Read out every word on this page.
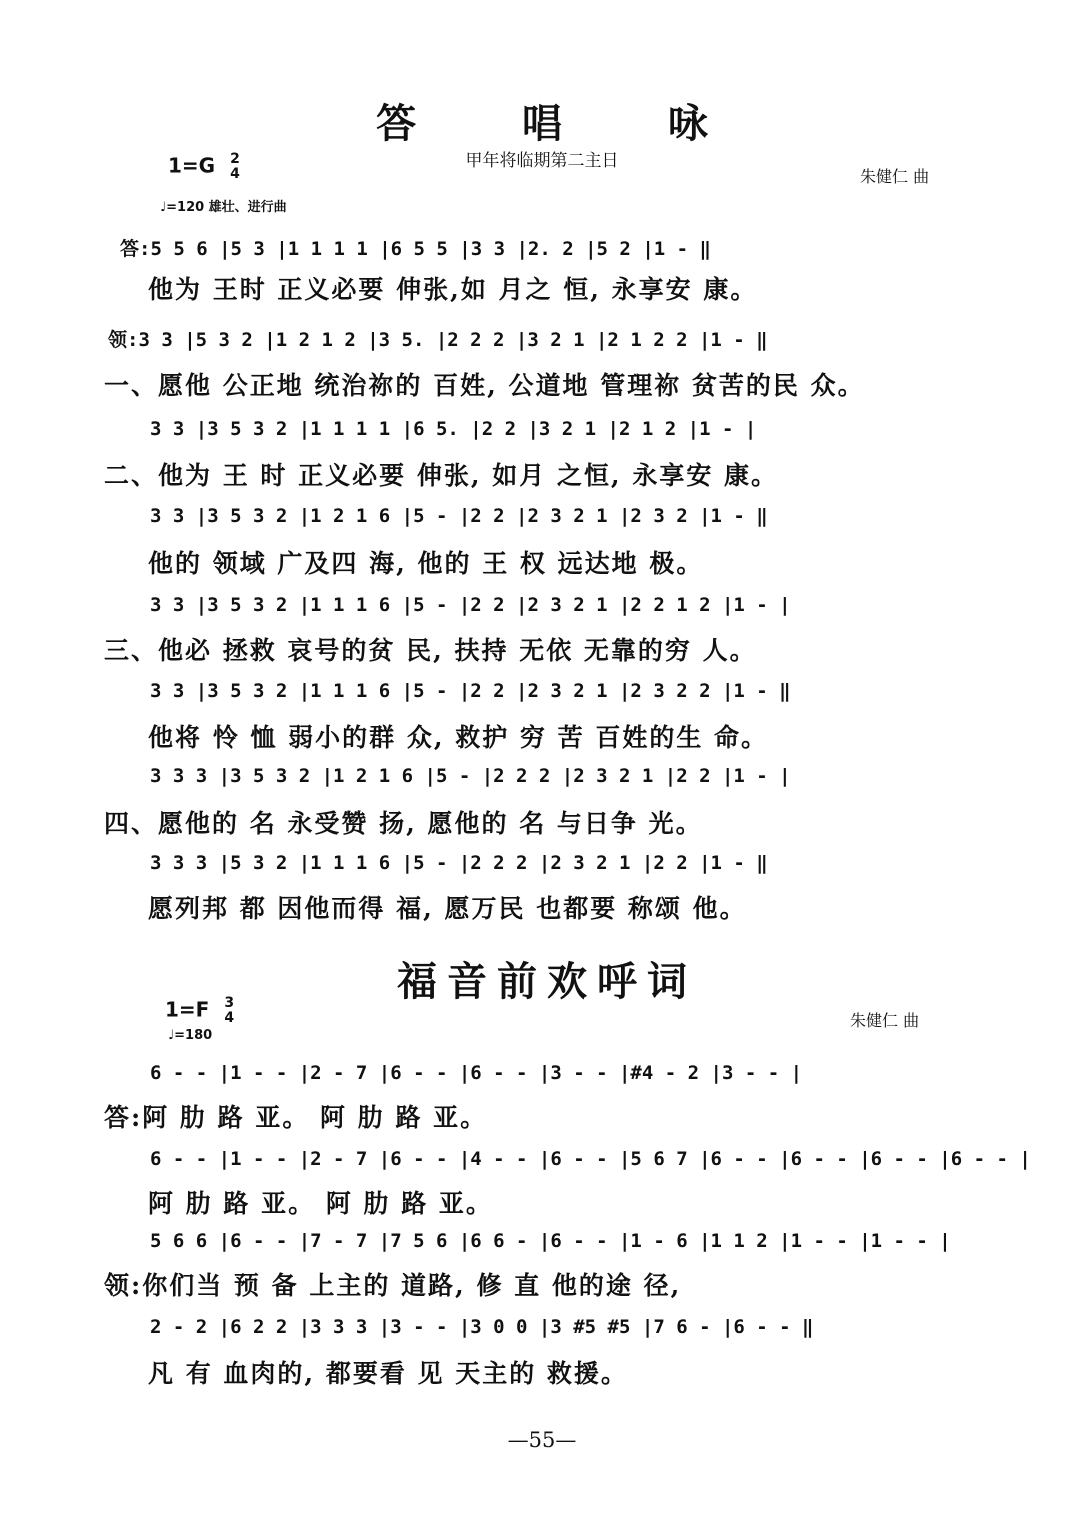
答 唱 咏
甲年将临期第二主日
1=G 2
4
♩=120 雄壮、进行曲
朱健仁 曲
答:5 5 6 |5 3 |1 1 1 1 |6 5 5 |3 3 |2. 2 |5 2 |1 - ‖
他为 王时 正义必要 伸张,如 月之 恒, 永享安 康。
领:3 3 |5 3 2 |1 2 1 2 |3 5. |2 2 2 |3 2 1 |2 1 2 2 |1 - ‖
一、愿他 公正地 统治祢的 百姓, 公道地 管理祢 贫苦的民 众。
3 3 |3 5 3 2 |1 1 1 1 |6 5. |2 2 |3 2 1 |2 1 2 |1 - |
二、他为 王 时 正义必要 伸张, 如月 之恒, 永享安 康。
3 3 |3 5 3 2 |1 2 1 6 |5 - |2 2 |2 3 2 1 |2 3 2 |1 - ‖
他的 领域 广及四 海, 他的 王 权 远达地 极。
3 3 |3 5 3 2 |1 1 1 6 |5 - |2 2 |2 3 2 1 |2 2 1 2 |1 - |
三、他必 拯救 哀号的贫 民, 扶持 无依 无靠的穷 人。
3 3 |3 5 3 2 |1 1 1 6 |5 - |2 2 |2 3 2 1 |2 3 2 2 |1 - ‖
他将 怜 恤 弱小的群 众, 救护 穷 苦 百姓的生 命。
3 3 3 |3 5 3 2 |1 2 1 6 |5 - |2 2 2 |2 3 2 1 |2 2 |1 - |
四、愿他的 名 永受赞 扬, 愿他的 名 与日争 光。
3 3 3 |5 3 2 |1 1 1 6 |5 - |2 2 2 |2 3 2 1 |2 2 |1 - ‖
愿列邦 都 因他而得 福, 愿万民 也都要 称颂 他。
福音前欢呼词
1=F 3
4
♩=180
朱健仁 曲
6 - - |1 - - |2 - 7 |6 - - |6 - - |3 - - |#4 - 2 |3 - - |
答:阿 肋 路 亚。 阿 肋 路 亚。
6 - - |1 - - |2 - 7 |6 - - |4 - - |6 - - |5 6 7 |6 - - |6 - - |6 - - |6 - - |
阿 肋 路 亚。 阿 肋 路 亚。
5 6 6 |6 - - |7 - 7 |7 5 6 |6 6 - |6 - - |1 - 6 |1 1 2 |1 - - |1 - - |
领:你们当 预 备 上主的 道路, 修 直 他的途 径,
2 - 2 |6 2 2 |3 3 3 |3 - - |3 0 0 |3 #5 #5 |7 6 - |6 - - ‖
凡 有 血肉的, 都要看 见 天主的 救援。
—55—
